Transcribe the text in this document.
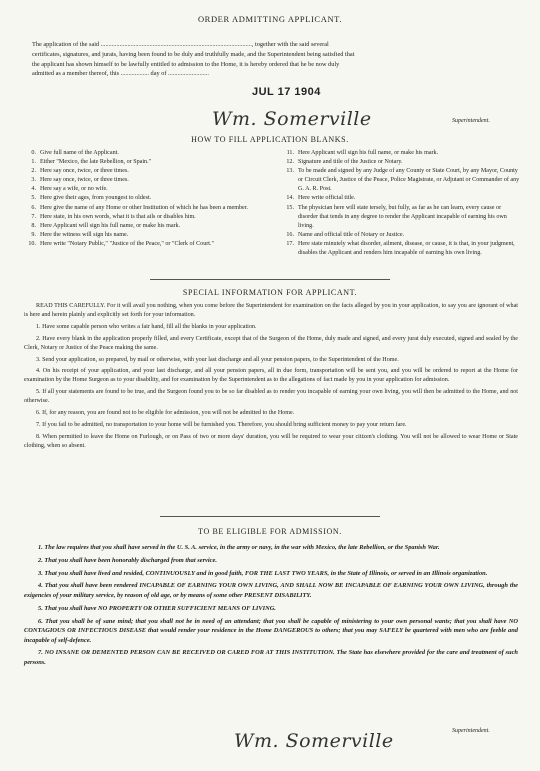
ORDER ADMITTING APPLICANT.
The application of the said ................................................................................................, together with the said several
certificates, signatures, and jurats, having been found to be duly and truthfully made, and the Superintendent being satisfied that
the applicant has shown himself to be lawfully entitled to admission to the Home, it is hereby ordered that he be now duly
admitted as a member thereof, this .................. day of ..........................
JUL 17 1904
Wm. Somerville	Superintendent.
HOW TO FILL APPLICATION BLANKS.
0. Give full name of the Applicant.
1. Either "Mexico, the late Rebellion, or Spain."
2. Here say once, twice, or three times.
3. Here say once, twice, or three times.
4. Here say a wife, or no wife.
5. Here give their ages, from youngest to oldest.
6. Here give the name of any Home or other Institution of which he has been a member.
7. Here state, in his own words, what it is that ails or disables him.
8. Here Applicant will sign his full name, or make his mark.
9. Here the witness will sign his name.
10. Here write "Notary Public," "Justice of the Peace," or "Clerk of Court."
11. Here Applicant will sign his full name, or make his mark.
12. Signature and title of the Justice or Notary.
13. To be made and signed by any Judge of any County or State Court, by any Mayor, County or Circuit Clerk, Justice of the Peace, Police Magistrate, or Adjutant or Commander of any G. A. R. Post.
14. Here write official title.
15. The physician here will state tersely, but fully, as far as he can learn, every cause or disorder that tends in any degree to render the Applicant incapable of earning his own living.
16. Name and official title of Notary or Justice.
17. Here state minutely what disorder, ailment, disease, or cause, it is that, in your judgment, disables the Applicant and renders him incapable of earning his own living.
SPECIAL INFORMATION FOR APPLICANT.

READ THIS CAREFULLY. For it will avail you nothing, when you come before the Superintendent for examination on the facts alleged by you in your application, to say you are ignorant of what is here and herein plainly and explicitly set forth for your information.

1. Have some capable person who writes a fair hand, fill all the blanks in your application.

2. Have every blank in the application properly filled, and every Certificate, except that of the Surgeon of the Home, duly made and signed, and every jurat duly executed, signed and sealed by the Clerk, Notary or Justice of the Peace making the same.

3. Send your application, so prepared, by mail or otherwise, with your last discharge and all your pension papers, to the Superintendent of the Home.

4. On his receipt of your application, and your last discharge, and all your pension papers, all in due form, transportation will be sent you, and you will be ordered to report at the Home for examination by the Home Surgeon as to your disability, and for examination by the Superintendent as to the allegations of fact made by you in your application for admission.

5. If all your statements are found to be true, and the Surgeon found you to be so far disabled as to render you incapable of earning your own living, you will then be admitted to the Home, and not otherwise.

6. If, for any reason, you are found not to be eligible for admission, you will not be admitted to the Home.

7. If you fail to be admitted, no transportation to your home will be furnished you. Therefore, you should bring sufficient money to pay your return fare.

8. When permitted to leave the Home on Furlough, or on Pass of two or more days' duration, you will be required to wear your citizen's clothing. You will not be allowed to wear Home or State clothing, when so absent.

TO BE ELIGIBLE FOR ADMISSION.

1. The law requires that you shall have served in the U. S. A. service, in the army or navy, in the war with Mexico, the late Rebellion, or the Spanish War.

2. That you shall have been honorably discharged from that service.

3. That you shall have lived and resided, CONTINUOUSLY and in good faith, FOR THE LAST TWO YEARS, in the State of Illinois, or served in an Illinois organization.

4. That you shall have been rendered INCAPABLE OF EARNING YOUR OWN LIVING, AND SHALL NOW BE INCAPABLE OF EARNING YOUR OWN LIVING, through the exigencies of your military service, by reason of old age, or by means of some other PRESENT DISABILITY.

5. That you shall have NO PROPERTY OR OTHER SUFFICIENT MEANS OF LIVING.

6. That you shall be of sane mind; that you shall not be in need of an attendant; that you shall be capable of ministering to your own personal wants; that you shall have NO CONTAGIOUS OR INFECTIOUS DISEASE that would render your residence in the Home DANGEROUS to others; that you may SAFELY be quartered with men who are feeble and incapable of self-defence.

7. NO INSANE OR DEMENTED PERSON CAN BE RECEIVED OR CARED FOR AT THIS INSTITUTION. The State has elsewhere provided for the care and treatment of such persons.

Wm. Somerville	Superintendent.
